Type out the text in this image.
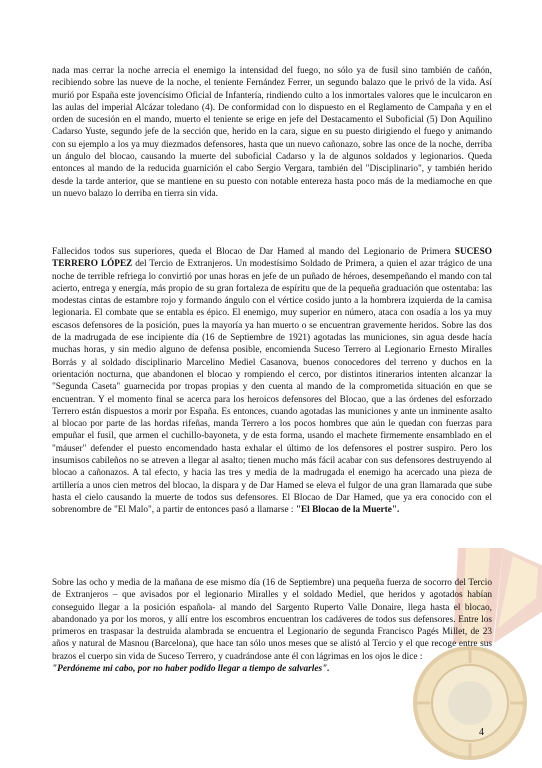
nada mas cerrar la noche arrecia el enemigo la intensidad del fuego, no sólo ya de fusil sino también de cañón, recibiendo sobre las nueve de la noche, el teniente Fernández Ferrer, un segundo balazo que le privó de la vida. Así murió por España este jovencísimo Oficial de Infantería, rindiendo culto a los inmortales valores que le inculcaron en las aulas del imperial Alcázar toledano (4). De conformidad con lo dispuesto en el Reglamento de Campaña y en el orden de sucesión en el mando, muerto el teniente se erige en jefe del Destacamento el Suboficial (5) Don Aquilino Cadarso Yuste, segundo jefe de la sección que, herido en la cara, sigue en su puesto dirigiendo el fuego y animando con su ejemplo a los ya muy diezmados defensores, hasta que un nuevo cañonazo, sobre las once de la noche, derriba un ángulo del blocao, causando la muerte del suboficial Cadarso y la de algunos soldados y legionarios. Queda entonces al mando de la reducida guarnición el cabo Sergio Vergara, también del "Disciplinario", y también herido desde la tarde anterior, que se mantiene en su puesto con notable entereza hasta poco más de la mediamoche en que un nuevo balazo lo derriba en tierra sin vida.

Fallecidos todos sus superiores, queda el Blocao de Dar Hamed al mando del Legionario de Primera SUCESO TERRERO LÓPEZ del Tercio de Extranjeros. Un modestísimo Soldado de Primera, a quien el azar trágico de una noche de terrible refriega lo convirtió por unas horas en jefe de un puñado de héroes, desempeñando el mando con tal acierto, entrega y energía, más propio de su gran fortaleza de espíritu que de la pequeña graduación que ostentaba: las modestas cintas de estambre rojo y formando ángulo con el vértice cosido junto a la hombrera izquierda de la camisa legionaria. El combate que se entabla es épico. El enemigo, muy superior en número, ataca con osadía a los ya muy escasos defensores de la posición, pues la mayoría ya han muerto o se encuentran gravemente heridos. Sobre las dos de la madrugada de ese incipiente día (16 de Septiembre de 1921) agotadas las municiones, sin agua desde hacía muchas horas, y sin medio alguno de defensa posible, encomienda Suceso Terrero al Legionario Ernesto Miralles Borrás y al soldado disciplinario Marcelino Mediel Casanova, buenos conocedores del terreno y duchos en la orientación nocturna, que abandonen el blocao y rompiendo el cerco, por distintos itinerarios intenten alcanzar la "Segunda Caseta" guarnecida por tropas propias y den cuenta al mando de la comprometida situación en que se encuentran. Y el momento final se acerca para los heroicos defensores del Blocao, que a las órdenes del esforzado Terrero están dispuestos a morir por España. Es entonces, cuando agotadas las municiones y ante un inminente asalto al blocao por parte de las hordas rifeñas, manda Terrero a los pocos hombres que aún le quedan con fuerzas para empuñar el fusil, que armen el cuchillo-bayoneta, y de esta forma, usando el machete firmemente ensamblado en el "máuser" defender el puesto encomendado hasta exhalar el último de los defensores el postrer suspiro. Pero los insumisos cabileños no se atreven a llegar al asalto; tienen mucho más fácil acabar con sus defensores destruyendo al blocao a cañonazos. A tal efecto, y hacia las tres y media de la madrugada el enemigo ha acercado una pieza de artillería a unos cien metros del blocao, la dispara y de Dar Hamed se eleva el fulgor de una gran llamarada que sube hasta el cielo causando la muerte de todos sus defensores. El Blocao de Dar Hamed, que ya era conocido con el sobrenombre de "El Malo", a partir de entonces pasó a llamarse : "El Blocao de la Muerte".

Sobre las ocho y media de la mañana de ese mismo día (16 de Septiembre) una pequeña fuerza de socorro del Tercio de Extranjeros – que avisados por el legionario Miralles y el soldado Mediel, que heridos y agotados habían conseguido llegar a la posición española- al mando del Sargento Ruperto Valle Donaire, llega hasta el blocao, abandonado ya por los moros, y allí entre los escombros encuentran los cadáveres de todos sus defensores. Entre los primeros en traspasar la destruida alambrada se encuentra el Legionario de segunda Francisco Pagés Millet, de 23 años y natural de Masnou (Barcelona), que hace tan sólo unos meses que se alistó al Tercio y el que recoge entre sus brazos el cuerpo sin vida de Suceso Terrero, y cuadrándose ante él con lágrimas en los ojos le dice :
"Perdóneme mi cabo, por no haber podido llegar a tiempo de salvarles".

4
